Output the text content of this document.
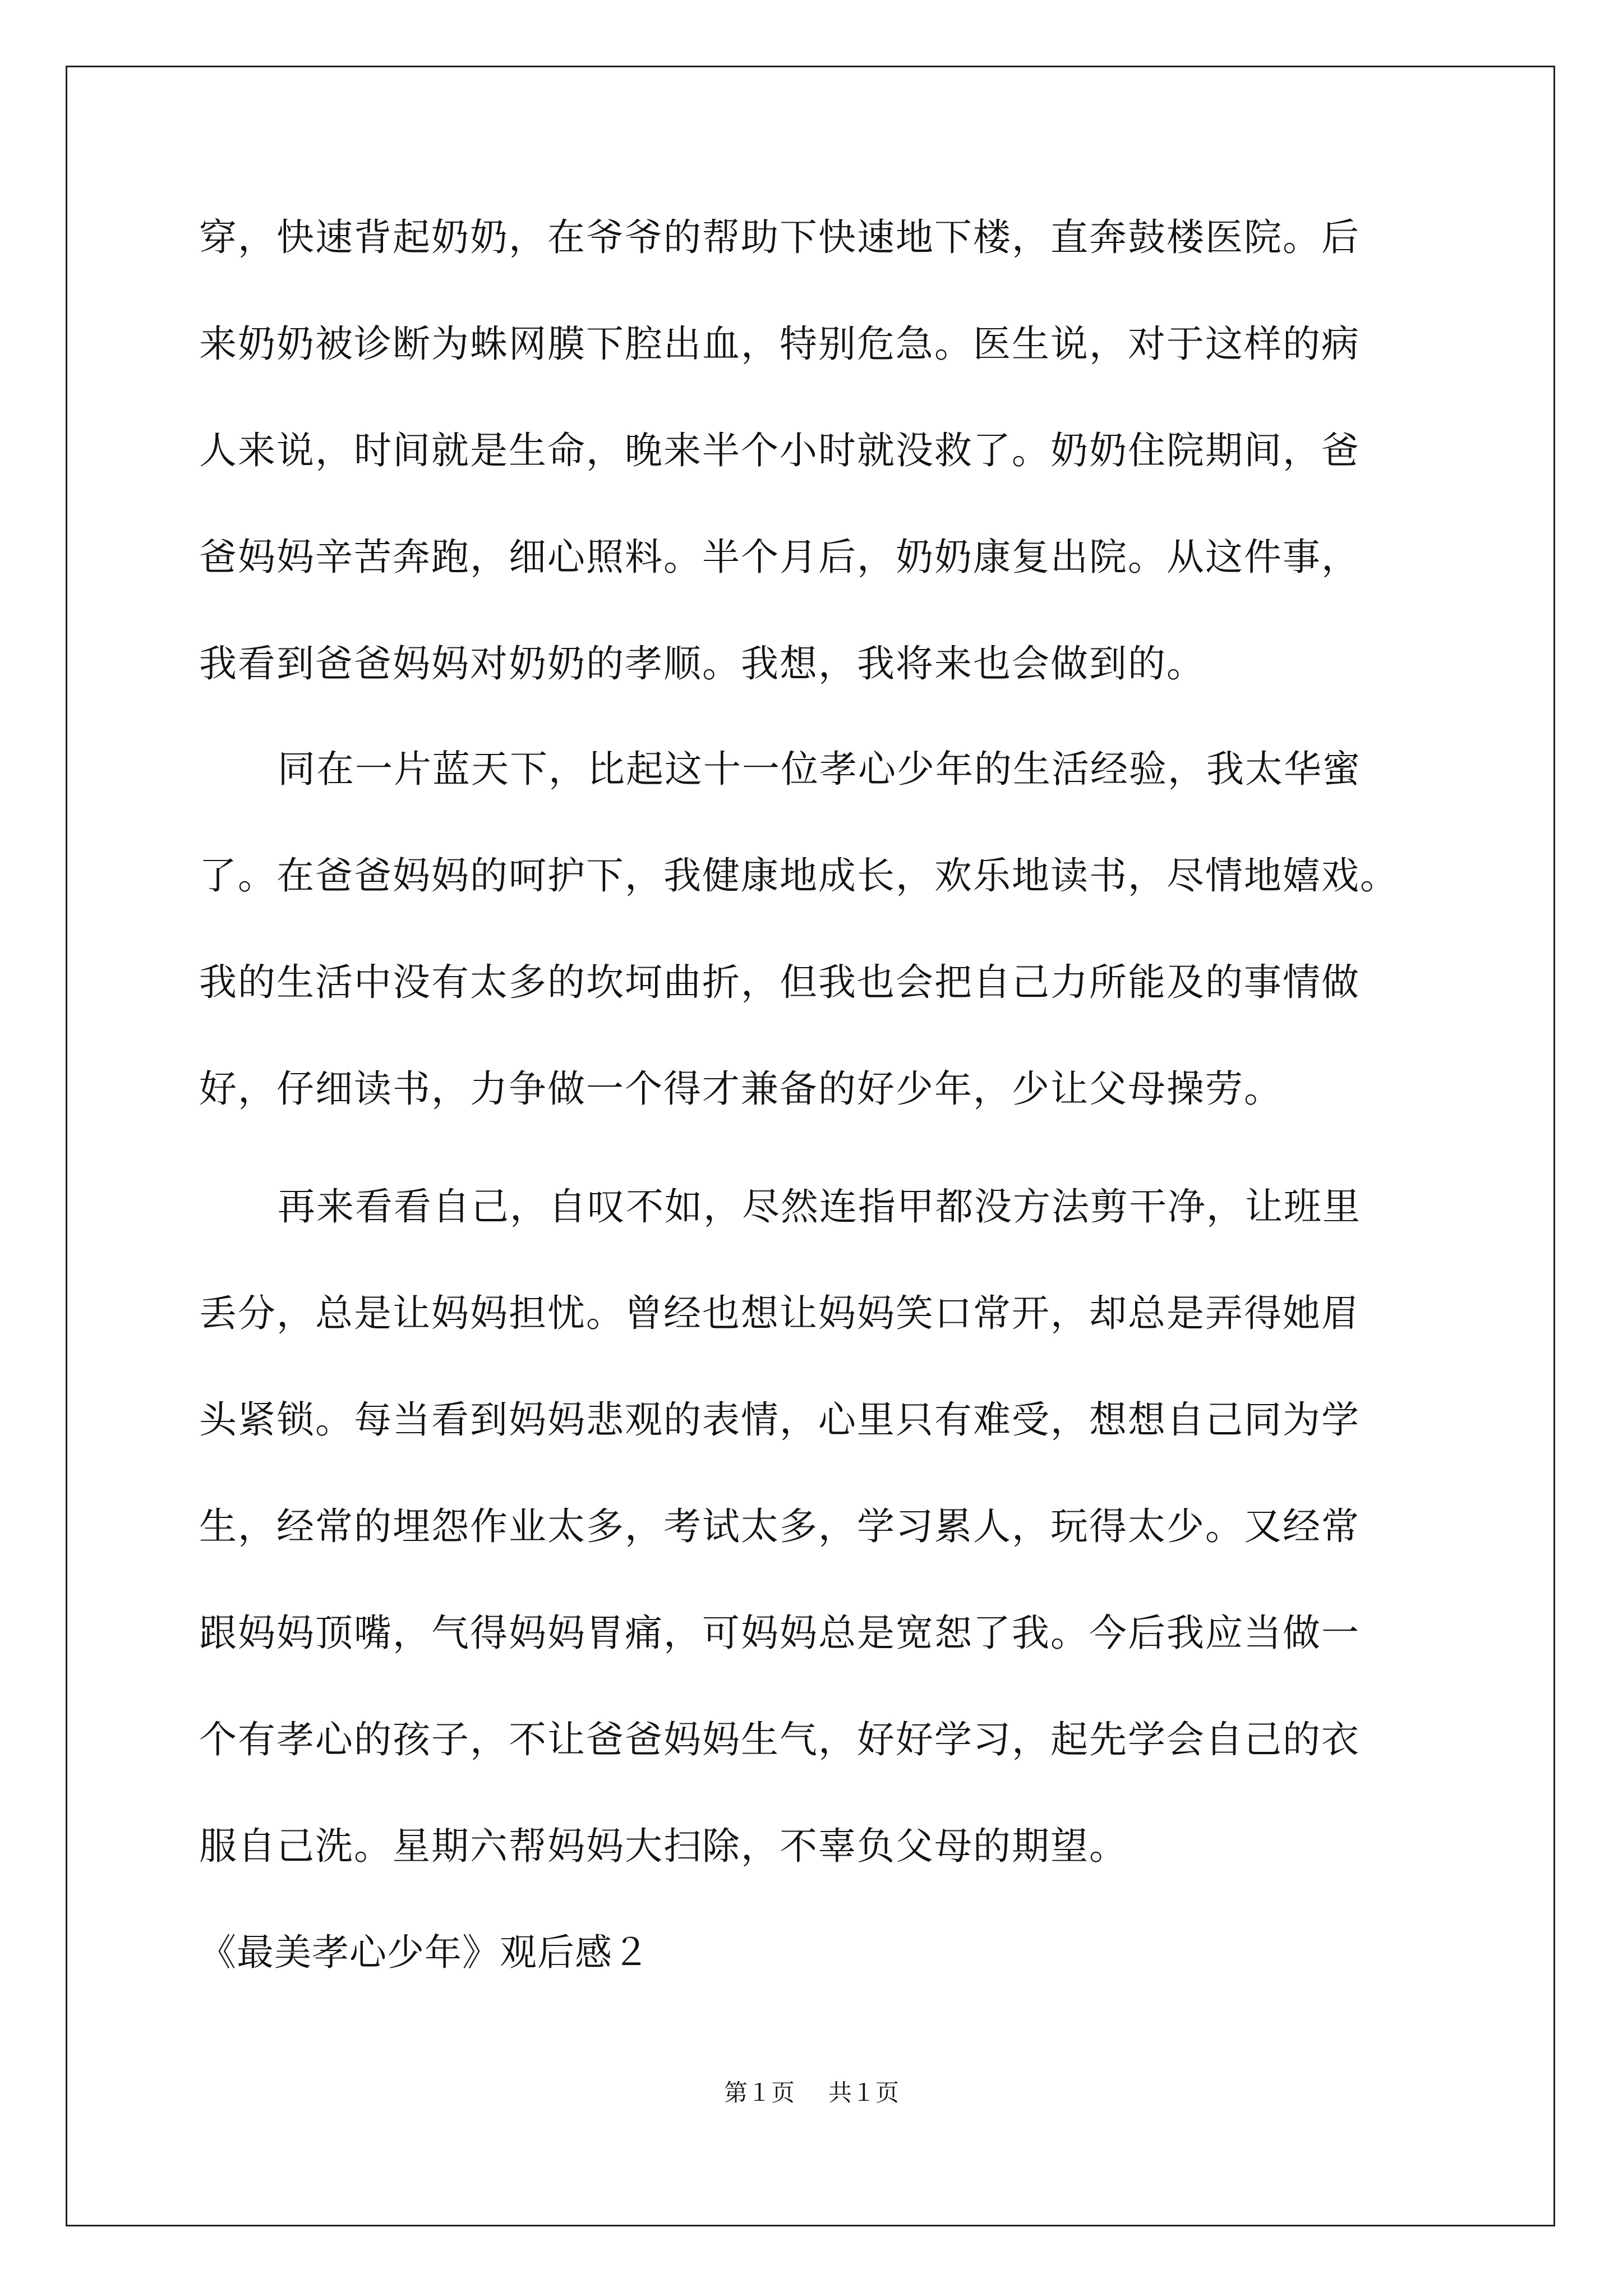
穿，快速背起奶奶，在爷爷的帮助下快速地下楼，直奔鼓楼医院。后
来奶奶被诊断为蛛网膜下腔出血，特别危急。医生说，对于这样的病
人来说，时间就是生命，晚来半个小时就没救了。奶奶住院期间，爸
爸妈妈辛苦奔跑，细心照料。半个月后，奶奶康复出院。从这件事，
我看到爸爸妈妈对奶奶的孝顺。我想，我将来也会做到的。
同在一片蓝天下，比起这十一位孝心少年的生活经验，我太华蜜
了。在爸爸妈妈的呵护下，我健康地成长，欢乐地读书，尽情地嬉戏。
我的生活中没有太多的坎坷曲折，但我也会把自己力所能及的事情做
好，仔细读书，力争做一个得才兼备的好少年，少让父母操劳。
再来看看自己，自叹不如，尽然连指甲都没方法剪干净，让班里
丢分，总是让妈妈担忧。曾经也想让妈妈笑口常开，却总是弄得她眉
头紧锁。每当看到妈妈悲观的表情，心里只有难受，想想自己同为学
生，经常的埋怨作业太多，考试太多，学习累人，玩得太少。又经常
跟妈妈顶嘴，气得妈妈胃痛，可妈妈总是宽恕了我。今后我应当做一
个有孝心的孩子，不让爸爸妈妈生气，好好学习，起先学会自己的衣
服自己洗。星期六帮妈妈大扫除，不辜负父母的期望。
《最美孝心少年》观后感２
第１页 共１页
